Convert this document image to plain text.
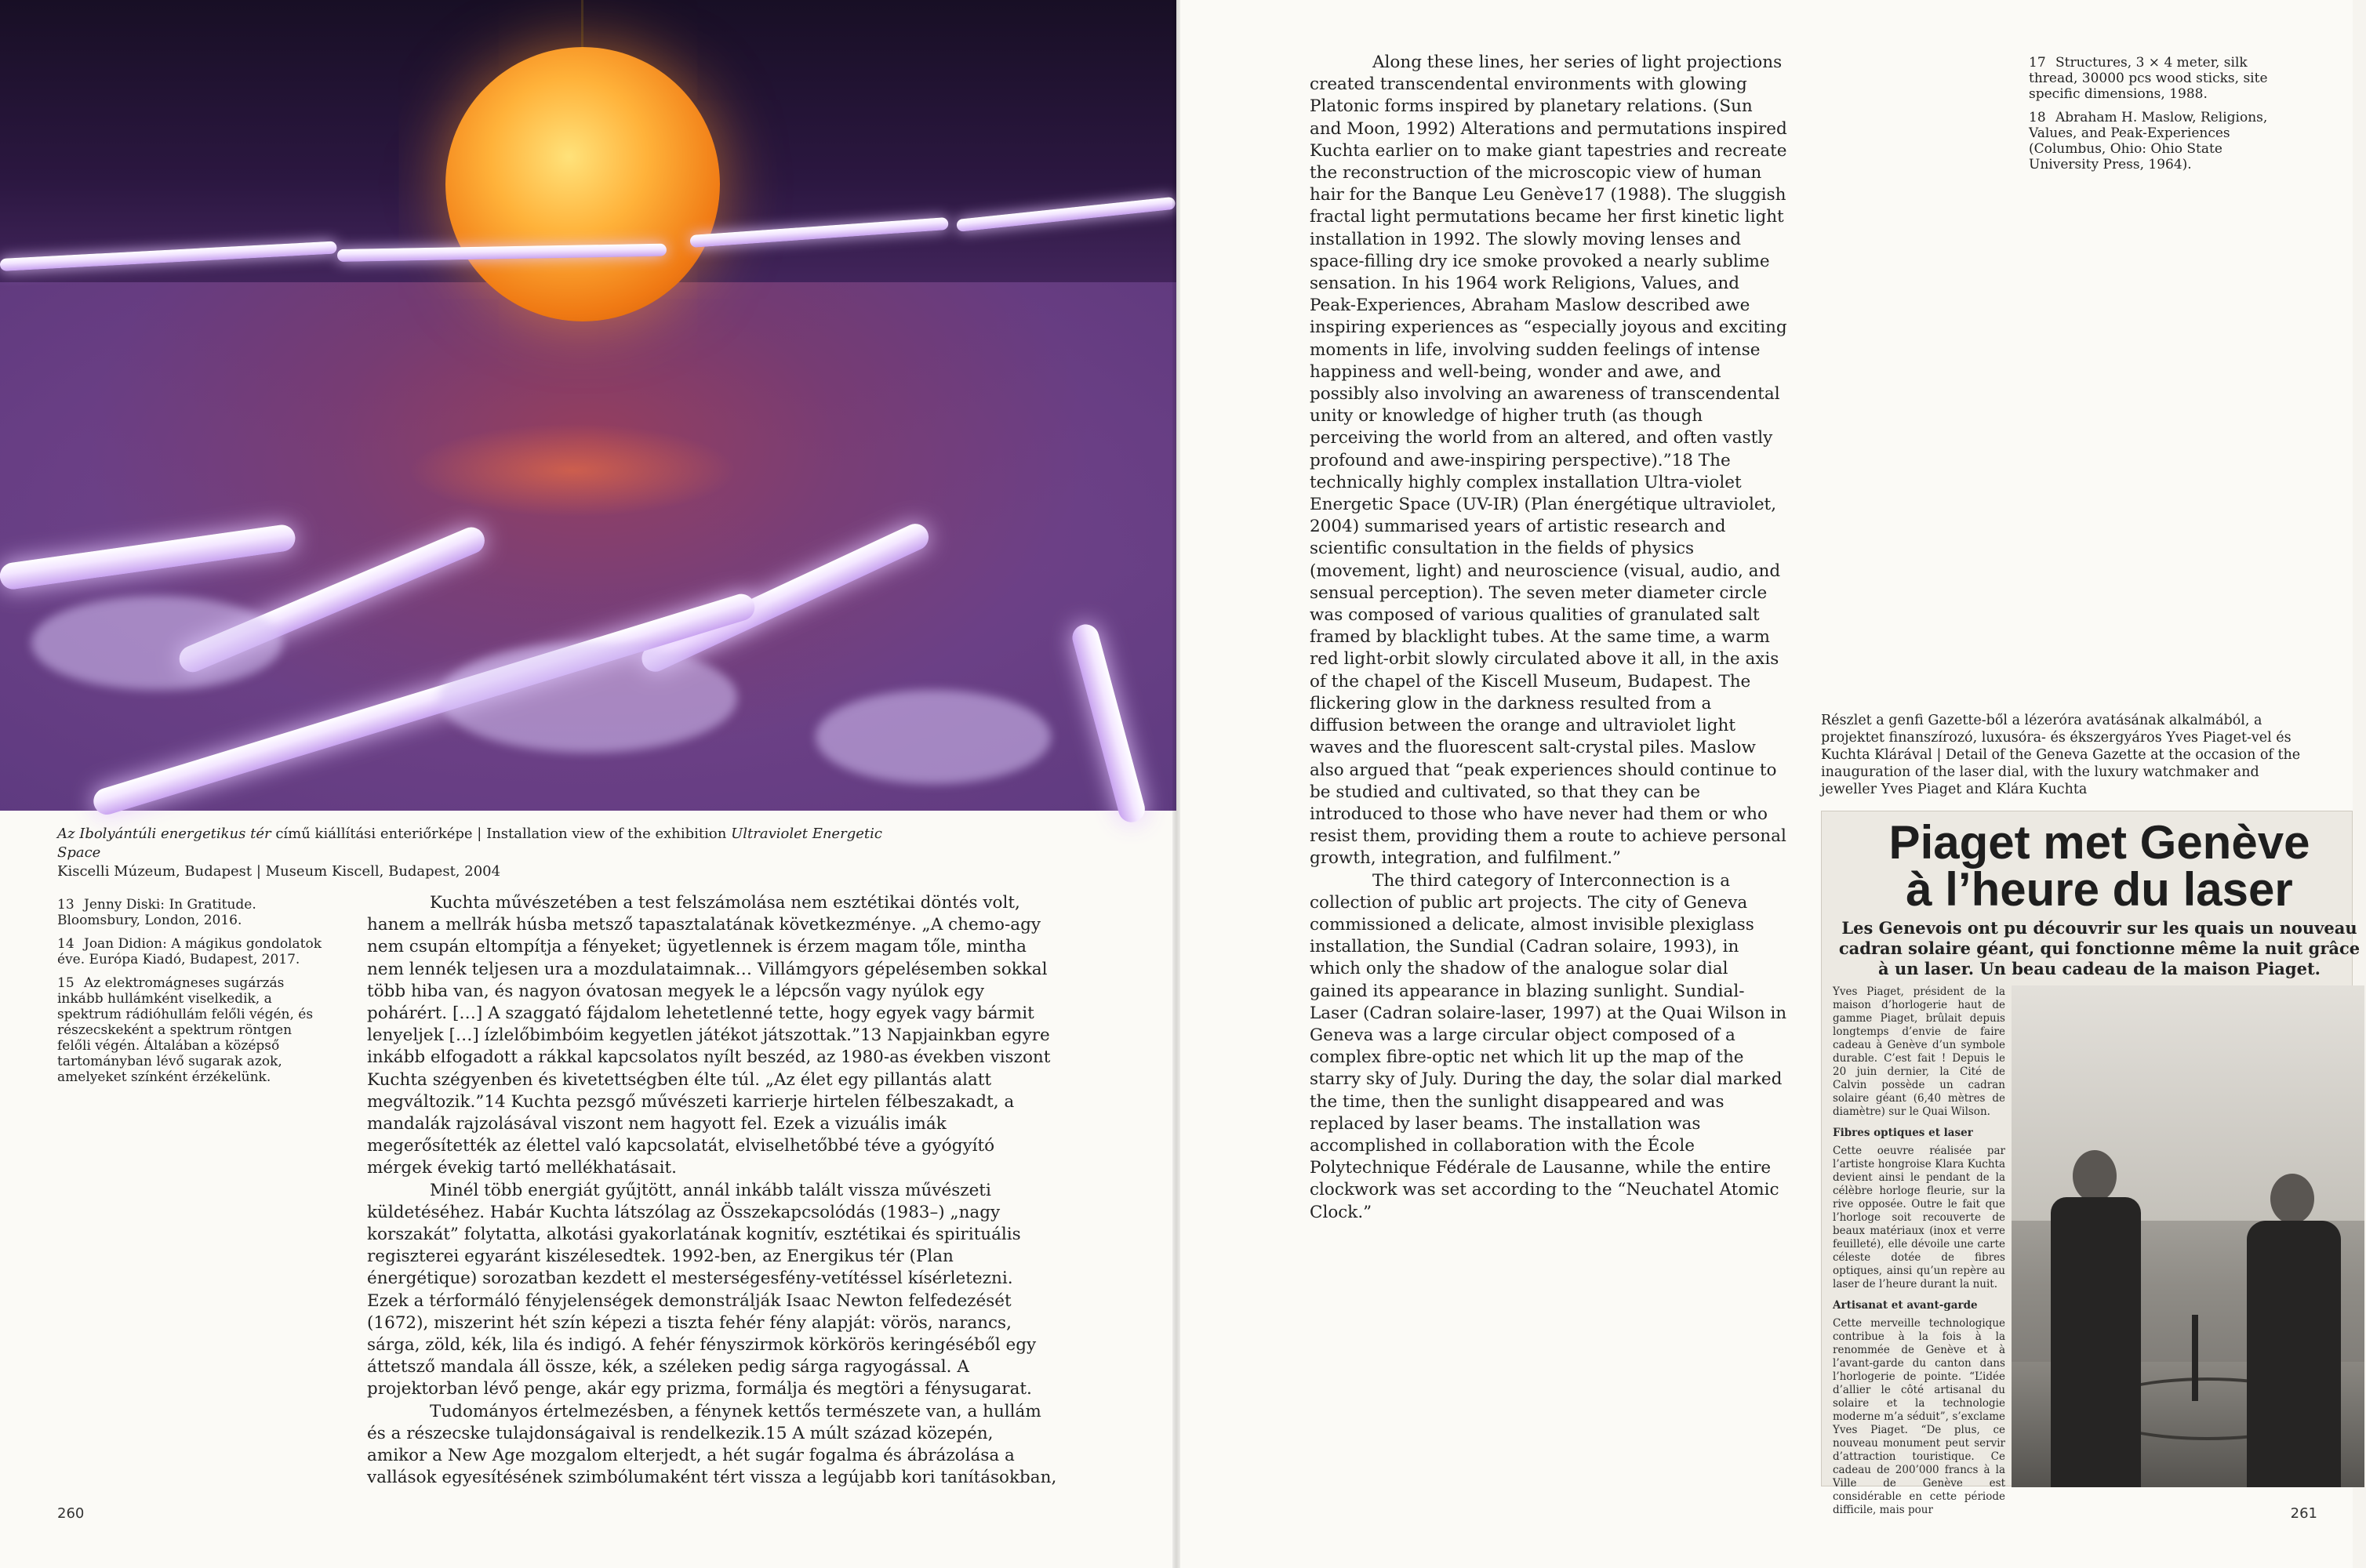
Az Ibolyántúli energetikus tér című kiállítási enteriőrképe | Installation view of the exhibition Ultraviolet Energetic Space
Kiscelli Múzeum, Budapest | Museum Kiscell, Budapest, 2004
13 Jenny Diski: In Gratitude. Bloomsbury, London, 2016.
14 Joan Didion: A mágikus gondolatok éve. Európa Kiadó, Budapest, 2017.
15 Az elektromágneses sugárzás inkább hullámként viselkedik, a spektrum rádióhullám felőli végén, és részecskeként a spektrum röntgen felőli végén. Általában a középső tartományban lévő sugarak azok, amelyeket színként érzékelünk.

Kuchta művészetében a test felszámolása nem esztétikai döntés volt, hanem a mellrák húsba metsző tapasztalatának következménye. „A chemo-agy nem csupán eltompítja a fényeket; ügyetlennek is érzem magam tőle, mintha nem lennék teljesen ura a mozdulataimnak… Villámgyors gépelésemben sokkal több hiba van, és nagyon óvatosan megyek le a lépcsőn vagy nyúlok egy pohárért. […] A szaggató fájdalom lehetetlenné tette, hogy egyek vagy bármit lenyeljek […] ízlelőbimbóim kegyetlen játékot játszottak.”13 Napjainkban egyre inkább elfogadott a rákkal kapcsolatos nyílt beszéd, az 1980-as években viszont Kuchta szégyenben és kivetettségben élte túl. „Az élet egy pillantás alatt megváltozik.”14 Kuchta pezsgő művészeti karrierje hirtelen félbeszakadt, a mandalák rajzolásával viszont nem hagyott fel. Ezek a vizuális imák megerősítették az élettel való kapcsolatát, elviselhetőbbé téve a gyógyító mérgek évekig tartó mellékhatásait.

Minél több energiát gyűjtött, annál inkább talált vissza művészeti küldetéséhez. Habár Kuchta látszólag az Összekapcsolódás (1983–) „nagy korszakát” folytatta, alkotási gyakorlatának kognitív, esztétikai és spirituális regiszterei egyaránt kiszélesedtek. 1992-ben, az Energikus tér (Plan énergétique) sorozatban kezdett el mesterségesfény-vetítéssel kísérletezni. Ezek a térformáló fényjelenségek demonstrálják Isaac Newton felfedezését (1672), miszerint hét szín képezi a tiszta fehér fény alapját: vörös, narancs, sárga, zöld, kék, lila és indigó. A fehér fényszirmok körkörös keringéséből egy áttetsző mandala áll össze, kék, a széleken pedig sárga ragyogással. A projektorban lévő penge, akár egy prizma, formálja és megtöri a fénysugarat.

Tudományos értelmezésben, a fénynek kettős természete van, a hullám és a részecske tulajdonságaival is rendelkezik.15 A múlt század közepén, amikor a New Age mozgalom elterjedt, a hét sugár fogalma és ábrázolása a vallások egyesítésének szimbólumaként tért vissza a legújabb kori tanításokban,

260

Along these lines, her series of light projections created transcendental environments with glowing Platonic forms inspired by planetary relations. (Sun and Moon, 1992) Alterations and permutations inspired Kuchta earlier on to make giant tapestries and recreate the reconstruction of the microscopic view of human hair for the Banque Leu Genève17 (1988). The sluggish fractal light permutations became her first kinetic light installation in 1992. The slowly moving lenses and space-filling dry ice smoke provoked a nearly sublime sensation. In his 1964 work Religions, Values, and Peak-Experiences, Abraham Maslow described awe inspiring experiences as “especially joyous and exciting moments in life, involving sudden feelings of intense happiness and well-being, wonder and awe, and possibly also involving an awareness of transcendental unity or knowledge of higher truth (as though perceiving the world from an altered, and often vastly profound and awe-inspiring perspective).”18 The technically highly complex installation Ultra-violet Energetic Space (UV-IR) (Plan énergétique ultraviolet, 2004) summarised years of artistic research and scientific consultation in the fields of physics (movement, light) and neuroscience (visual, audio, and sensual perception). The seven meter diameter circle was composed of various qualities of granulated salt framed by blacklight tubes. At the same time, a warm red light-orbit slowly circulated above it all, in the axis of the chapel of the Kiscell Museum, Budapest. The flickering glow in the darkness resulted from a diffusion between the orange and ultraviolet light waves and the fluorescent salt-crystal piles. Maslow also argued that “peak experiences should continue to be studied and cultivated, so that they can be introduced to those who have never had them or who resist them, providing them a route to achieve personal growth, integration, and fulfilment.”

The third category of Interconnection is a collection of public art projects. The city of Geneva commissioned a delicate, almost invisible plexiglass installation, the Sundial (Cadran solaire, 1993), in which only the shadow of the analogue solar dial gained its appearance in blazing sunlight. Sundial-Laser (Cadran solaire-laser, 1997) at the Quai Wilson in Geneva was a large circular object composed of a complex fibre-optic net which lit up the map of the starry sky of July. During the day, the solar dial marked the time, then the sunlight disappeared and was replaced by laser beams. The installation was accomplished in collaboration with the École Polytechnique Fédérale de Lausanne, while the entire clockwork was set according to the “Neuchatel Atomic Clock.”

17 Structures, 3 × 4 meter, silk thread, 30000 pcs wood sticks, site specific dimensions, 1988.
18 Abraham H. Maslow, Religions, Values, and Peak-Experiences (Columbus, Ohio: Ohio State University Press, 1964).
Részlet a genfi Gazette-ből a lézeróra avatásának alkalmából, a projektet finanszírozó, luxusóra- és ékszergyáros Yves Piaget-vel és Kuchta Klárával | Detail of the Geneva Gazette at the occasion of the inauguration of the laser dial, with the luxury watchmaker and jeweller Yves Piaget and Klára Kuchta
Piaget met Genève
à l’heure du laser
Les Genevois ont pu découvrir sur les quais un nouveau cadran solaire géant, qui fonctionne même la nuit grâce à un laser. Un beau cadeau de la maison Piaget.

Yves Piaget, président de la maison d’horlogerie haut de gamme Piaget, brûlait depuis longtemps d’envie de faire cadeau à Genève d’un symbole durable. C’est fait ! Depuis le 20 juin dernier, la Cité de Calvin possède un cadran solaire géant (6,40 mètres de diamètre) sur le Quai Wilson.

Fibres optiques et laser

Cette oeuvre réalisée par l’artiste hongroise Klara Kuchta devient ainsi le pendant de la célèbre horloge fleurie, sur la rive opposée. Outre le fait que l’horloge soit recouverte de beaux matériaux (inox et verre feuilleté), elle dévoile une carte céleste dotée de fibres optiques, ainsi qu’un repère au laser de l’heure durant la nuit.

Artisanat et avant-garde

Cette merveille technologique contribue à la fois à la renommée de Genève et à l’avant-garde du canton dans l’horlogerie de pointe. “L’idée d’allier le côté artisanal du solaire et la technologie moderne m’a séduit”, s’exclame Yves Piaget. “De plus, ce nouveau monument peut servir d’attraction touristique. Ce cadeau de 200’000 francs à la Ville de Genève est considérable en cette période difficile, mais pour	261
